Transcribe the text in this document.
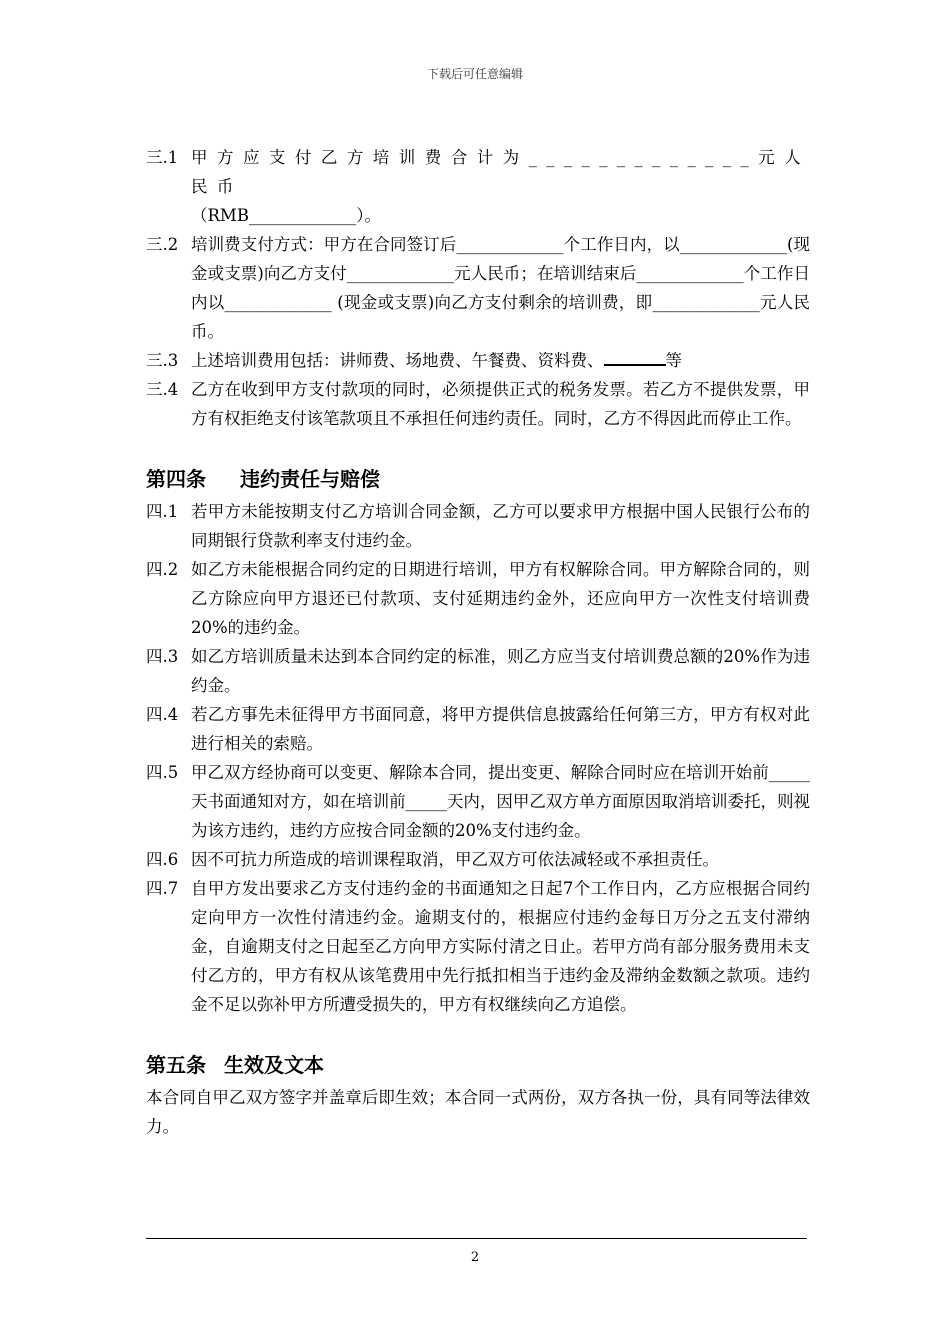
下载后可任意编辑
三.1 甲方应支付乙方培训费合计为_____________元人民币
（RMB_____________）。
三.2 培训费支付方式：甲方在合同签订后_____________个工作日内，以_____________(现金或支票)向乙方支付_____________元人民币；在培训结束后_____________个工作日内以_____________ (现金或支票)向乙方支付剩余的培训费，即_____________元人民币。
三.3 上述培训费用包括：讲师费、场地费、午餐费、资料费、	等
三.4 乙方在收到甲方支付款项的同时，必须提供正式的税务发票。若乙方不提供发票，甲方有权拒绝支付该笔款项且不承担任何违约责任。同时，乙方不得因此而停止工作。
第四条 违约责任与赔偿
四.1 若甲方未能按期支付乙方培训合同金额，乙方可以要求甲方根据中国人民银行公布的同期银行贷款利率支付违约金。
四.2 如乙方未能根据合同约定的日期进行培训，甲方有权解除合同。甲方解除合同的，则乙方除应向甲方退还已付款项、支付延期违约金外，还应向甲方一次性支付培训费20%的违约金。
四.3 如乙方培训质量未达到本合同约定的标准，则乙方应当支付培训费总额的20%作为违约金。
四.4 若乙方事先未征得甲方书面同意，将甲方提供信息披露给任何第三方，甲方有权对此进行相关的索赔。
四.5 甲乙双方经协商可以变更、解除本合同，提出变更、解除合同时应在培训开始前_____天书面通知对方，如在培训前_____天内，因甲乙双方单方面原因取消培训委托，则视为该方违约，违约方应按合同金额的20%支付违约金。
四.6 因不可抗力所造成的培训课程取消，甲乙双方可依法减轻或不承担责任。
四.7 自甲方发出要求乙方支付违约金的书面通知之日起7个工作日内，乙方应根据合同约定向甲方一次性付清违约金。逾期支付的，根据应付违约金每日万分之五支付滞纳金，自逾期支付之日起至乙方向甲方实际付清之日止。若甲方尚有部分服务费用未支付乙方的，甲方有权从该笔费用中先行抵扣相当于违约金及滞纳金数额之款项。违约金不足以弥补甲方所遭受损失的，甲方有权继续向乙方追偿。
第五条 生效及文本
本合同自甲乙双方签字并盖章后即生效；本合同一式两份，双方各执一份，具有同等法律效力。
2
